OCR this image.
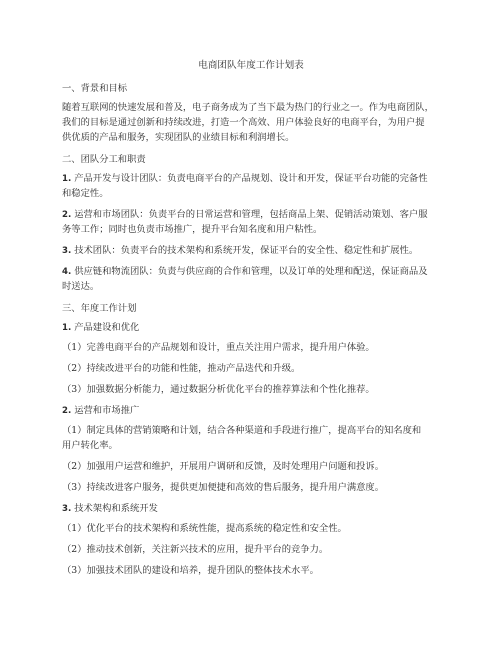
电商团队年度工作计划表
一、背景和目标
随着互联网的快速发展和普及，电子商务成为了当下最为热门的行业之一。作为电商团队，
我们的目标是通过创新和持续改进，打造一个高效、用户体验良好的电商平台，为用户提
供优质的产品和服务，实现团队的业绩目标和利润增长。
二、团队分工和职责
1. 产品开发与设计团队：负责电商平台的产品规划、设计和开发，保证平台功能的完备性
和稳定性。
2. 运营和市场团队：负责平台的日常运营和管理，包括商品上架、促销活动策划、客户服
务等工作；同时也负责市场推广，提升平台知名度和用户粘性。
3. 技术团队：负责平台的技术架构和系统开发，保证平台的安全性、稳定性和扩展性。
4. 供应链和物流团队：负责与供应商的合作和管理，以及订单的处理和配送，保证商品及
时送达。
三、年度工作计划
1. 产品建设和优化
（1）完善电商平台的产品规划和设计，重点关注用户需求，提升用户体验。
（2）持续改进平台的功能和性能，推动产品迭代和升级。
（3）加强数据分析能力，通过数据分析优化平台的推荐算法和个性化推荐。
2. 运营和市场推广
（1）制定具体的营销策略和计划，结合各种渠道和手段进行推广，提高平台的知名度和
用户转化率。
（2）加强用户运营和维护，开展用户调研和反馈，及时处理用户问题和投诉。
（3）持续改进客户服务，提供更加便捷和高效的售后服务，提升用户满意度。
3. 技术架构和系统开发
（1）优化平台的技术架构和系统性能，提高系统的稳定性和安全性。
（2）推动技术创新，关注新兴技术的应用，提升平台的竞争力。
（3）加强技术团队的建设和培养，提升团队的整体技术水平。
